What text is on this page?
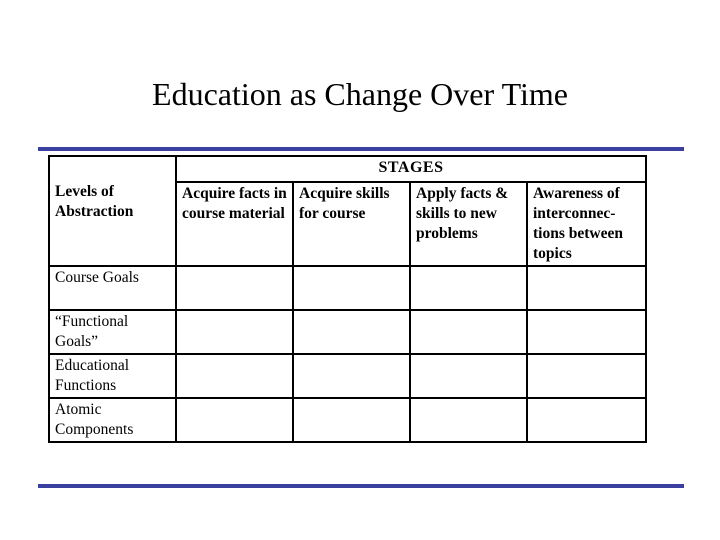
Education as Change Over Time
Levels of Abstraction	STAGES			
	Acquire facts in course material	Acquire skills for course	Apply facts & skills to new problems	Awareness of interconnec- tions between topics
Course Goals				
“Functional Goals”				
Educational Functions				
Atomic Components				
